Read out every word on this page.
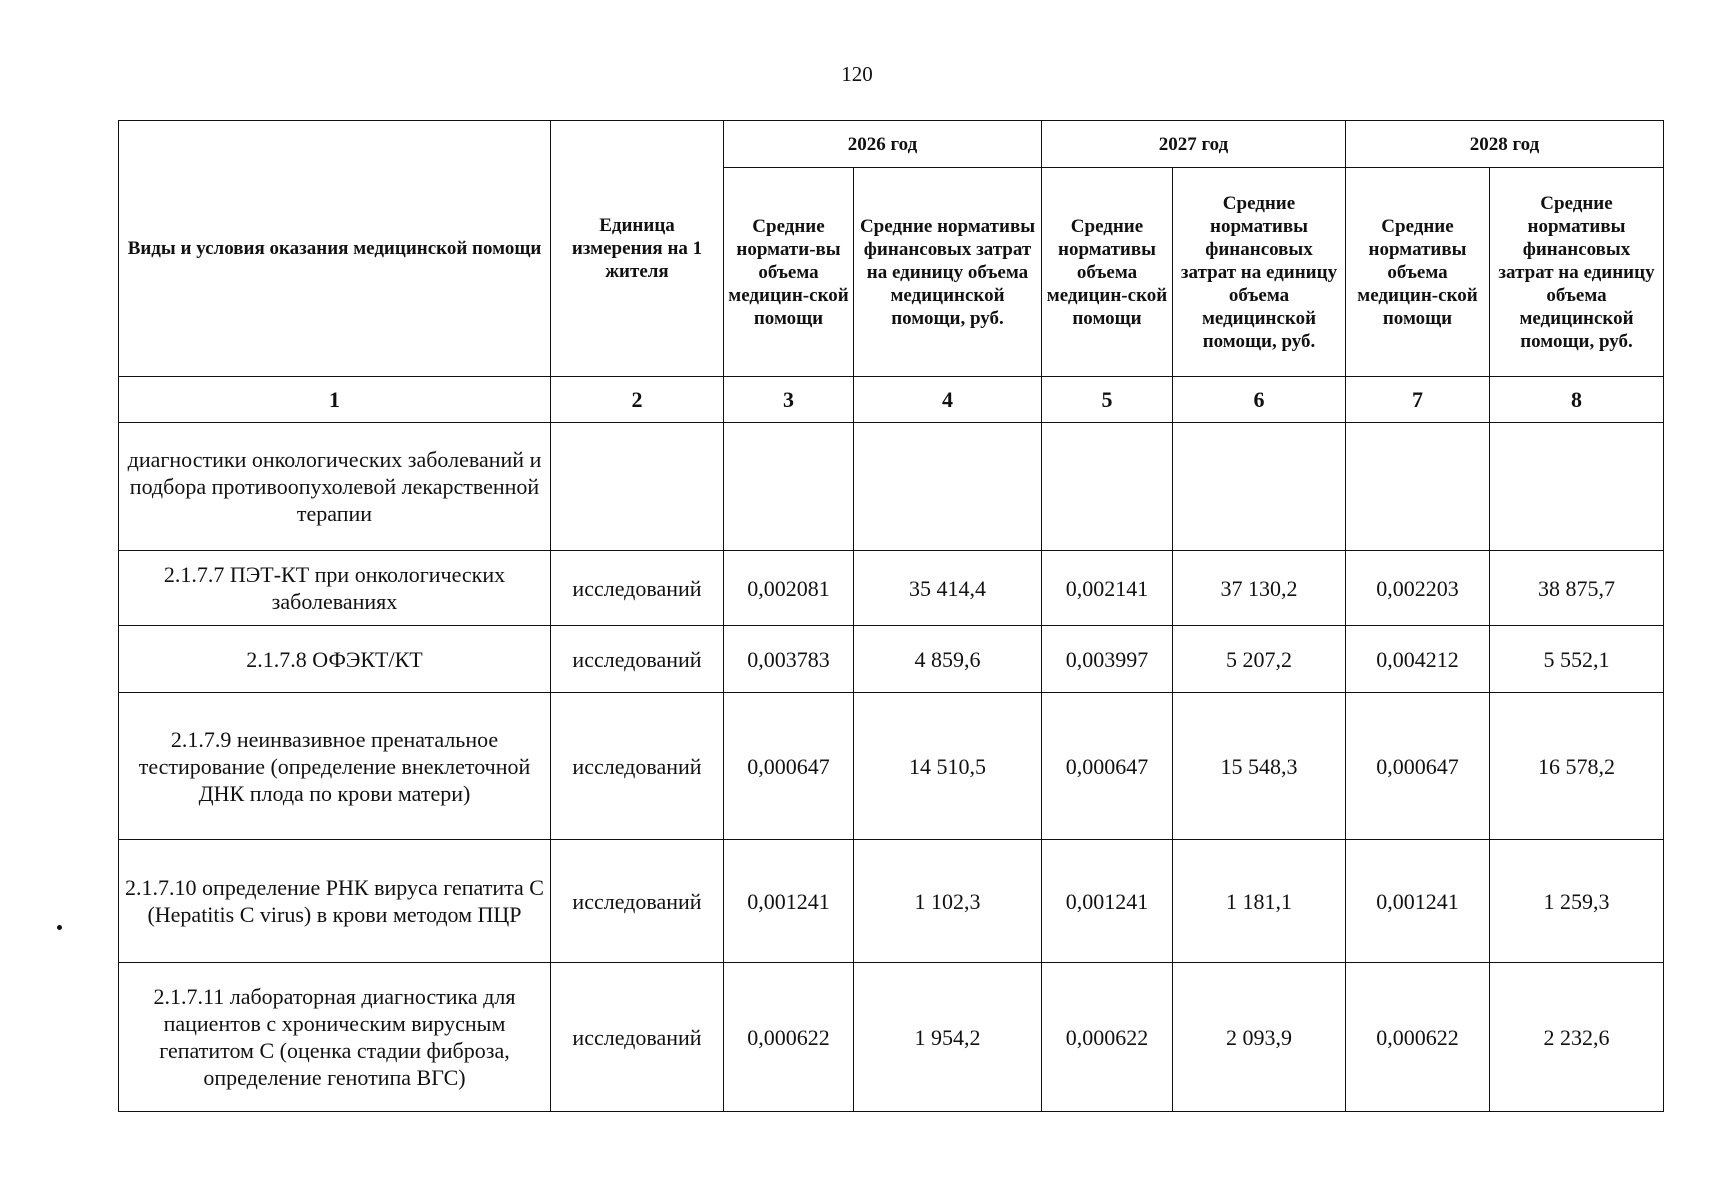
120
Виды и условия оказания медицинской помощи	Единица измерения на 1 жителя	2026 год		2027 год		2028 год	
		Средние нормати-вы объема медицин-ской помощи	Средние нормативы финансовых затрат на единицу объема медицинской помощи, руб.	Средние нормативы объема медицин-ской помощи	Средние нормативы финансовых затрат на единицу объема медицинской помощи, руб.	Средние нормативы объема медицин-ской помощи	Средние нормативы финансовых затрат на единицу объема медицинской помощи, руб.
1	2	3	4	5	6	7	8
диагностики онкологических заболеваний и подбора противоопухолевой лекарственной терапии							
2.1.7.7 ПЭТ-КТ при онкологических заболеваниях	исследований	0,002081	35 414,4	0,002141	37 130,2	0,002203	38 875,7
2.1.7.8 ОФЭКТ/КТ	исследований	0,003783	4 859,6	0,003997	5 207,2	0,004212	5 552,1
2.1.7.9 неинвазивное пренатальное тестирование (определение внеклеточной ДНК плода по крови матери)	исследований	0,000647	14 510,5	0,000647	15 548,3	0,000647	16 578,2
2.1.7.10 определение РНК вируса гепатита С (Hepatitis С virus) в крови методом ПЦР	исследований	0,001241	1 102,3	0,001241	1 181,1	0,001241	1 259,3
2.1.7.11 лабораторная диагностика для пациентов с хроническим вирусным гепатитом С (оценка стадии фиброза, определение генотипа ВГС)	исследований	0,000622	1 954,2	0,000622	2 093,9	0,000622	2 232,6
